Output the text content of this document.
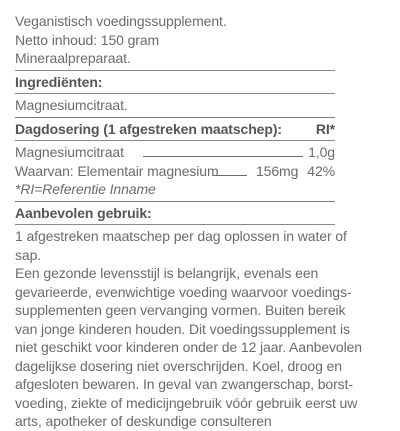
Veganistisch voedingssupplement.
Netto inhoud: 150 gram
Mineraalpreparaat.
Ingrediënten:
Magnesiumcitraat.
Dagdosering (1 afgestreken maatschep): RI*
Magnesiumcitraat	1,0g
Waarvan: Elementair magnesium	156mg 42%
*RI=Referentie Inname
Aanbevolen gebruik:
1 afgestreken maatschep per dag oplossen in water of
sap.
Een gezonde levensstijl is belangrijk, evenals een
gevarieerde, evenwichtige voeding waarvoor voedings-
supplementen geen vervanging vormen. Buiten bereik
van jonge kinderen houden. Dit voedingssupplement is
niet geschikt voor kinderen onder de 12 jaar. Aanbevolen
dagelijkse dosering niet overschrijden. Koel, droog en
afgesloten bewaren. In geval van zwangerschap, borst-
voeding, ziekte of medicijngebruik vóór gebruik eerst uw
arts, apotheker of deskundige consulteren
